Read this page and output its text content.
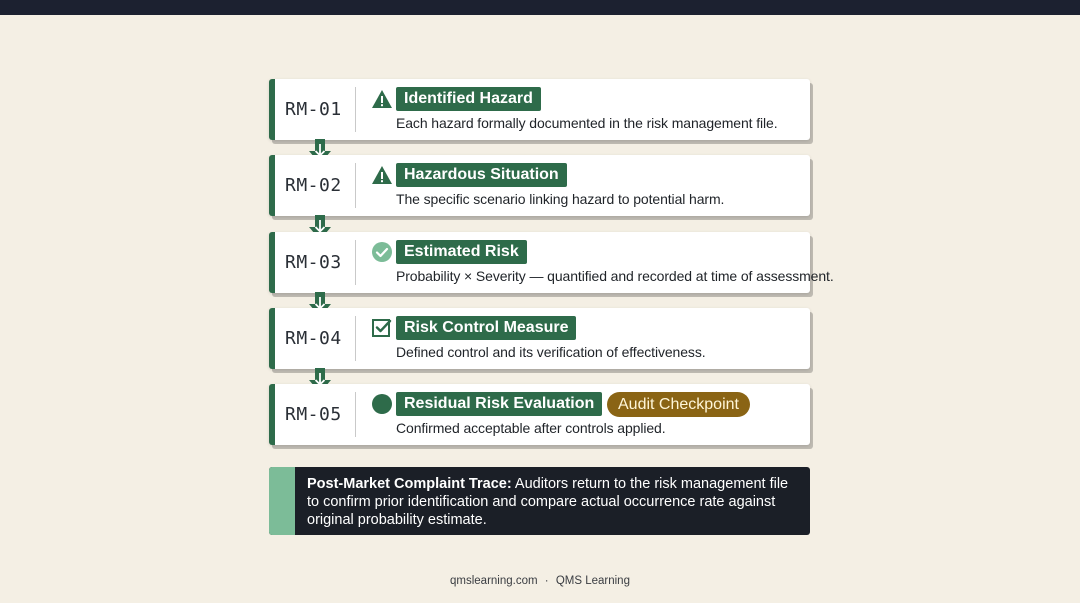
RM-01
Identified Hazard
Each hazard formally documented in the risk management file.
RM-02
Hazardous Situation
The specific scenario linking hazard to potential harm.
RM-03
Estimated Risk
Probability × Severity — quantified and recorded at time of assessment.
RM-04
Risk Control Measure
Defined control and its verification of effectiveness.
RM-05
Residual Risk Evaluation	Audit Checkpoint
Confirmed acceptable after controls applied.
Post-Market Complaint Trace: Auditors return to the risk management file to confirm prior identification and compare actual occurrence rate against original probability estimate.
qmslearning.com · QMS Learning
